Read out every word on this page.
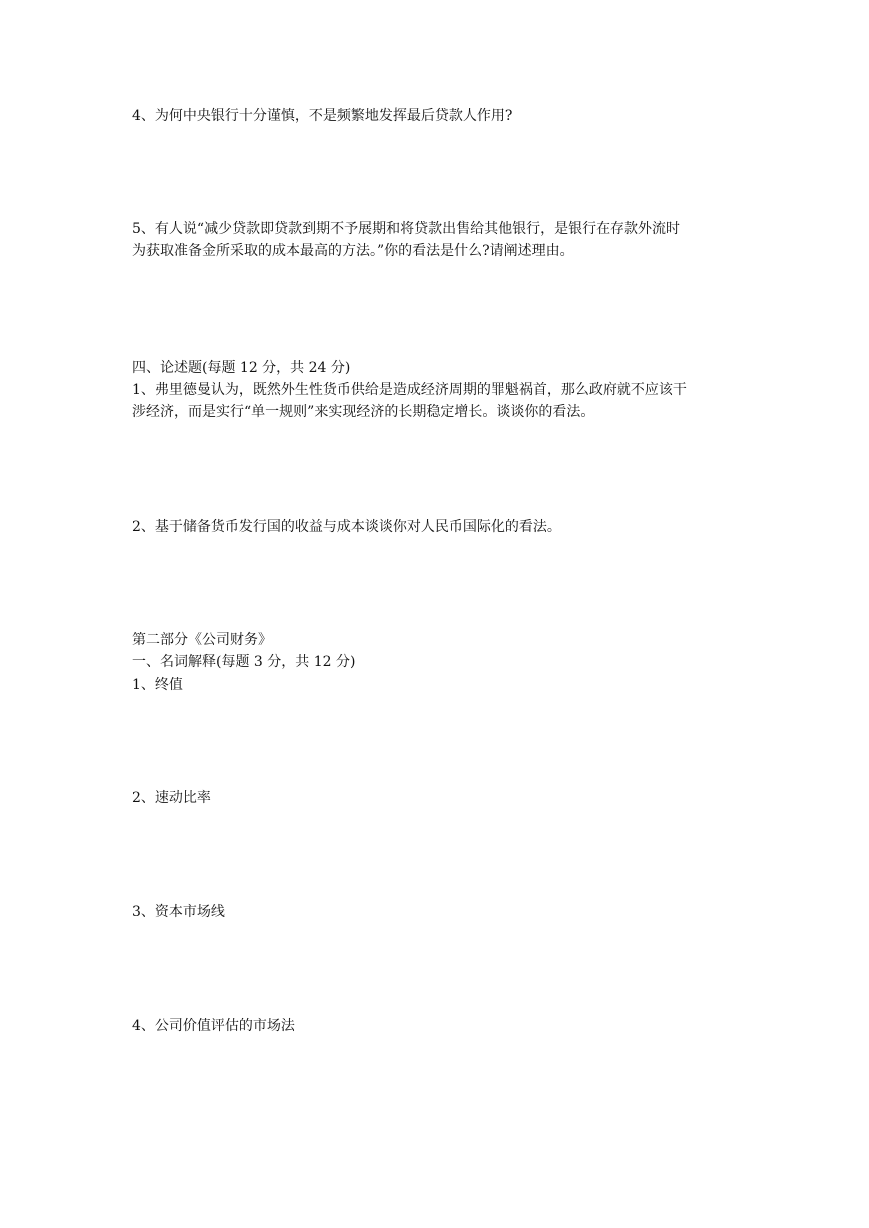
4、为何中央银行十分谨慎，不是频繁地发挥最后贷款人作用?

5、有人说“减少贷款即贷款到期不予展期和将贷款出售给其他银行，是银行在存款外流时
为获取准备金所采取的成本最高的方法。”你的看法是什么?请阐述理由。

四、论述题(每题 12 分，共 24 分)

1、弗里德曼认为，既然外生性货币供给是造成经济周期的罪魁祸首，那么政府就不应该干
涉经济，而是实行“单一规则”来实现经济的长期稳定增长。谈谈你的看法。

2、基于储备货币发行国的收益与成本谈谈你对人民币国际化的看法。

第二部分《公司财务》

一、名词解释(每题 3 分，共 12 分)

1、终值

2、速动比率

3、资本市场线

4、公司价值评估的市场法
